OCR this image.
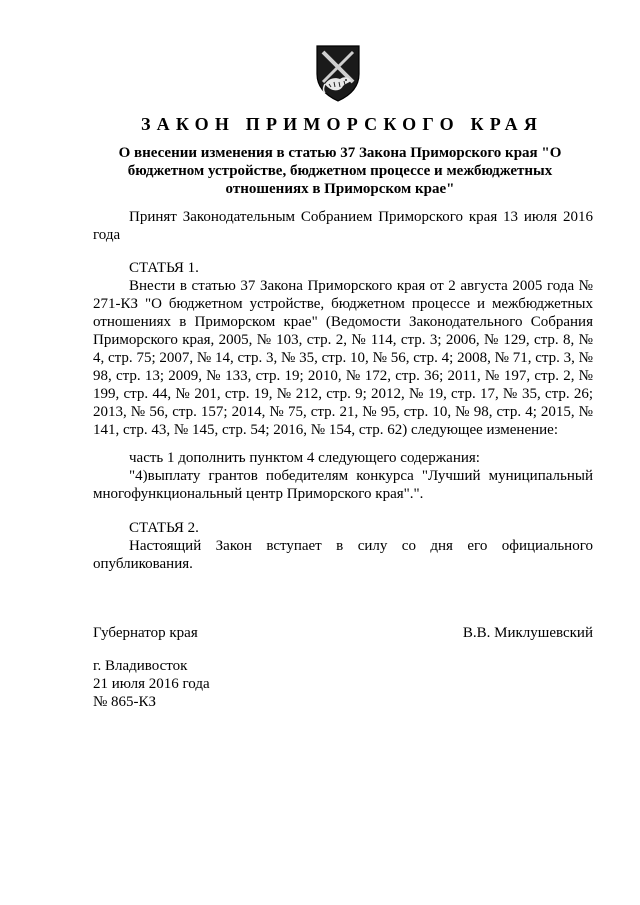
ЗАКОН ПРИМОРСКОГО КРАЯ
О внесении изменения в статью 37 Закона Приморского края "О бюджетном устройстве, бюджетном процессе и межбюджетных отношениях в Приморском крае"

Принят Законодательным Собранием Приморского края 13 июля 2016 года

СТАТЬЯ 1.

Внести в статью 37 Закона Приморского края от 2 августа 2005 года № 271-КЗ "О бюджетном устройстве, бюджетном процессе и межбюджетных отношениях в Приморском крае" (Ведомости Законодательного Собрания Приморского края, 2005, № 103, стр. 2, № 114, стр. 3; 2006, № 129, стр. 8, № 4, стр. 75; 2007, № 14, стр. 3, № 35, стр. 10, № 56, стр. 4; 2008, № 71, стр. 3, № 98, стр. 13; 2009, № 133, стр. 19; 2010, № 172, стр. 36; 2011, № 197, стр. 2, № 199, стр. 44, № 201, стр. 19, № 212, стр. 9; 2012, № 19, стр. 17, № 35, стр. 26; 2013, № 56, стр. 157; 2014, № 75, стр. 21, № 95, стр. 10, № 98, стр. 4; 2015, № 141, стр. 43, № 145, стр. 54; 2016, № 154, стр. 62) следующее изменение:

часть 1 дополнить пунктом 4 следующего содержания:

"4)выплату грантов победителям конкурса "Лучший муниципальный многофункциональный центр Приморского края".".

СТАТЬЯ 2.

Настоящий Закон вступает в силу со дня его официального опубликования.

Губернатор края	В.В. Миклушевский
г. Владивосток
21 июля 2016 года
№ 865-КЗ
